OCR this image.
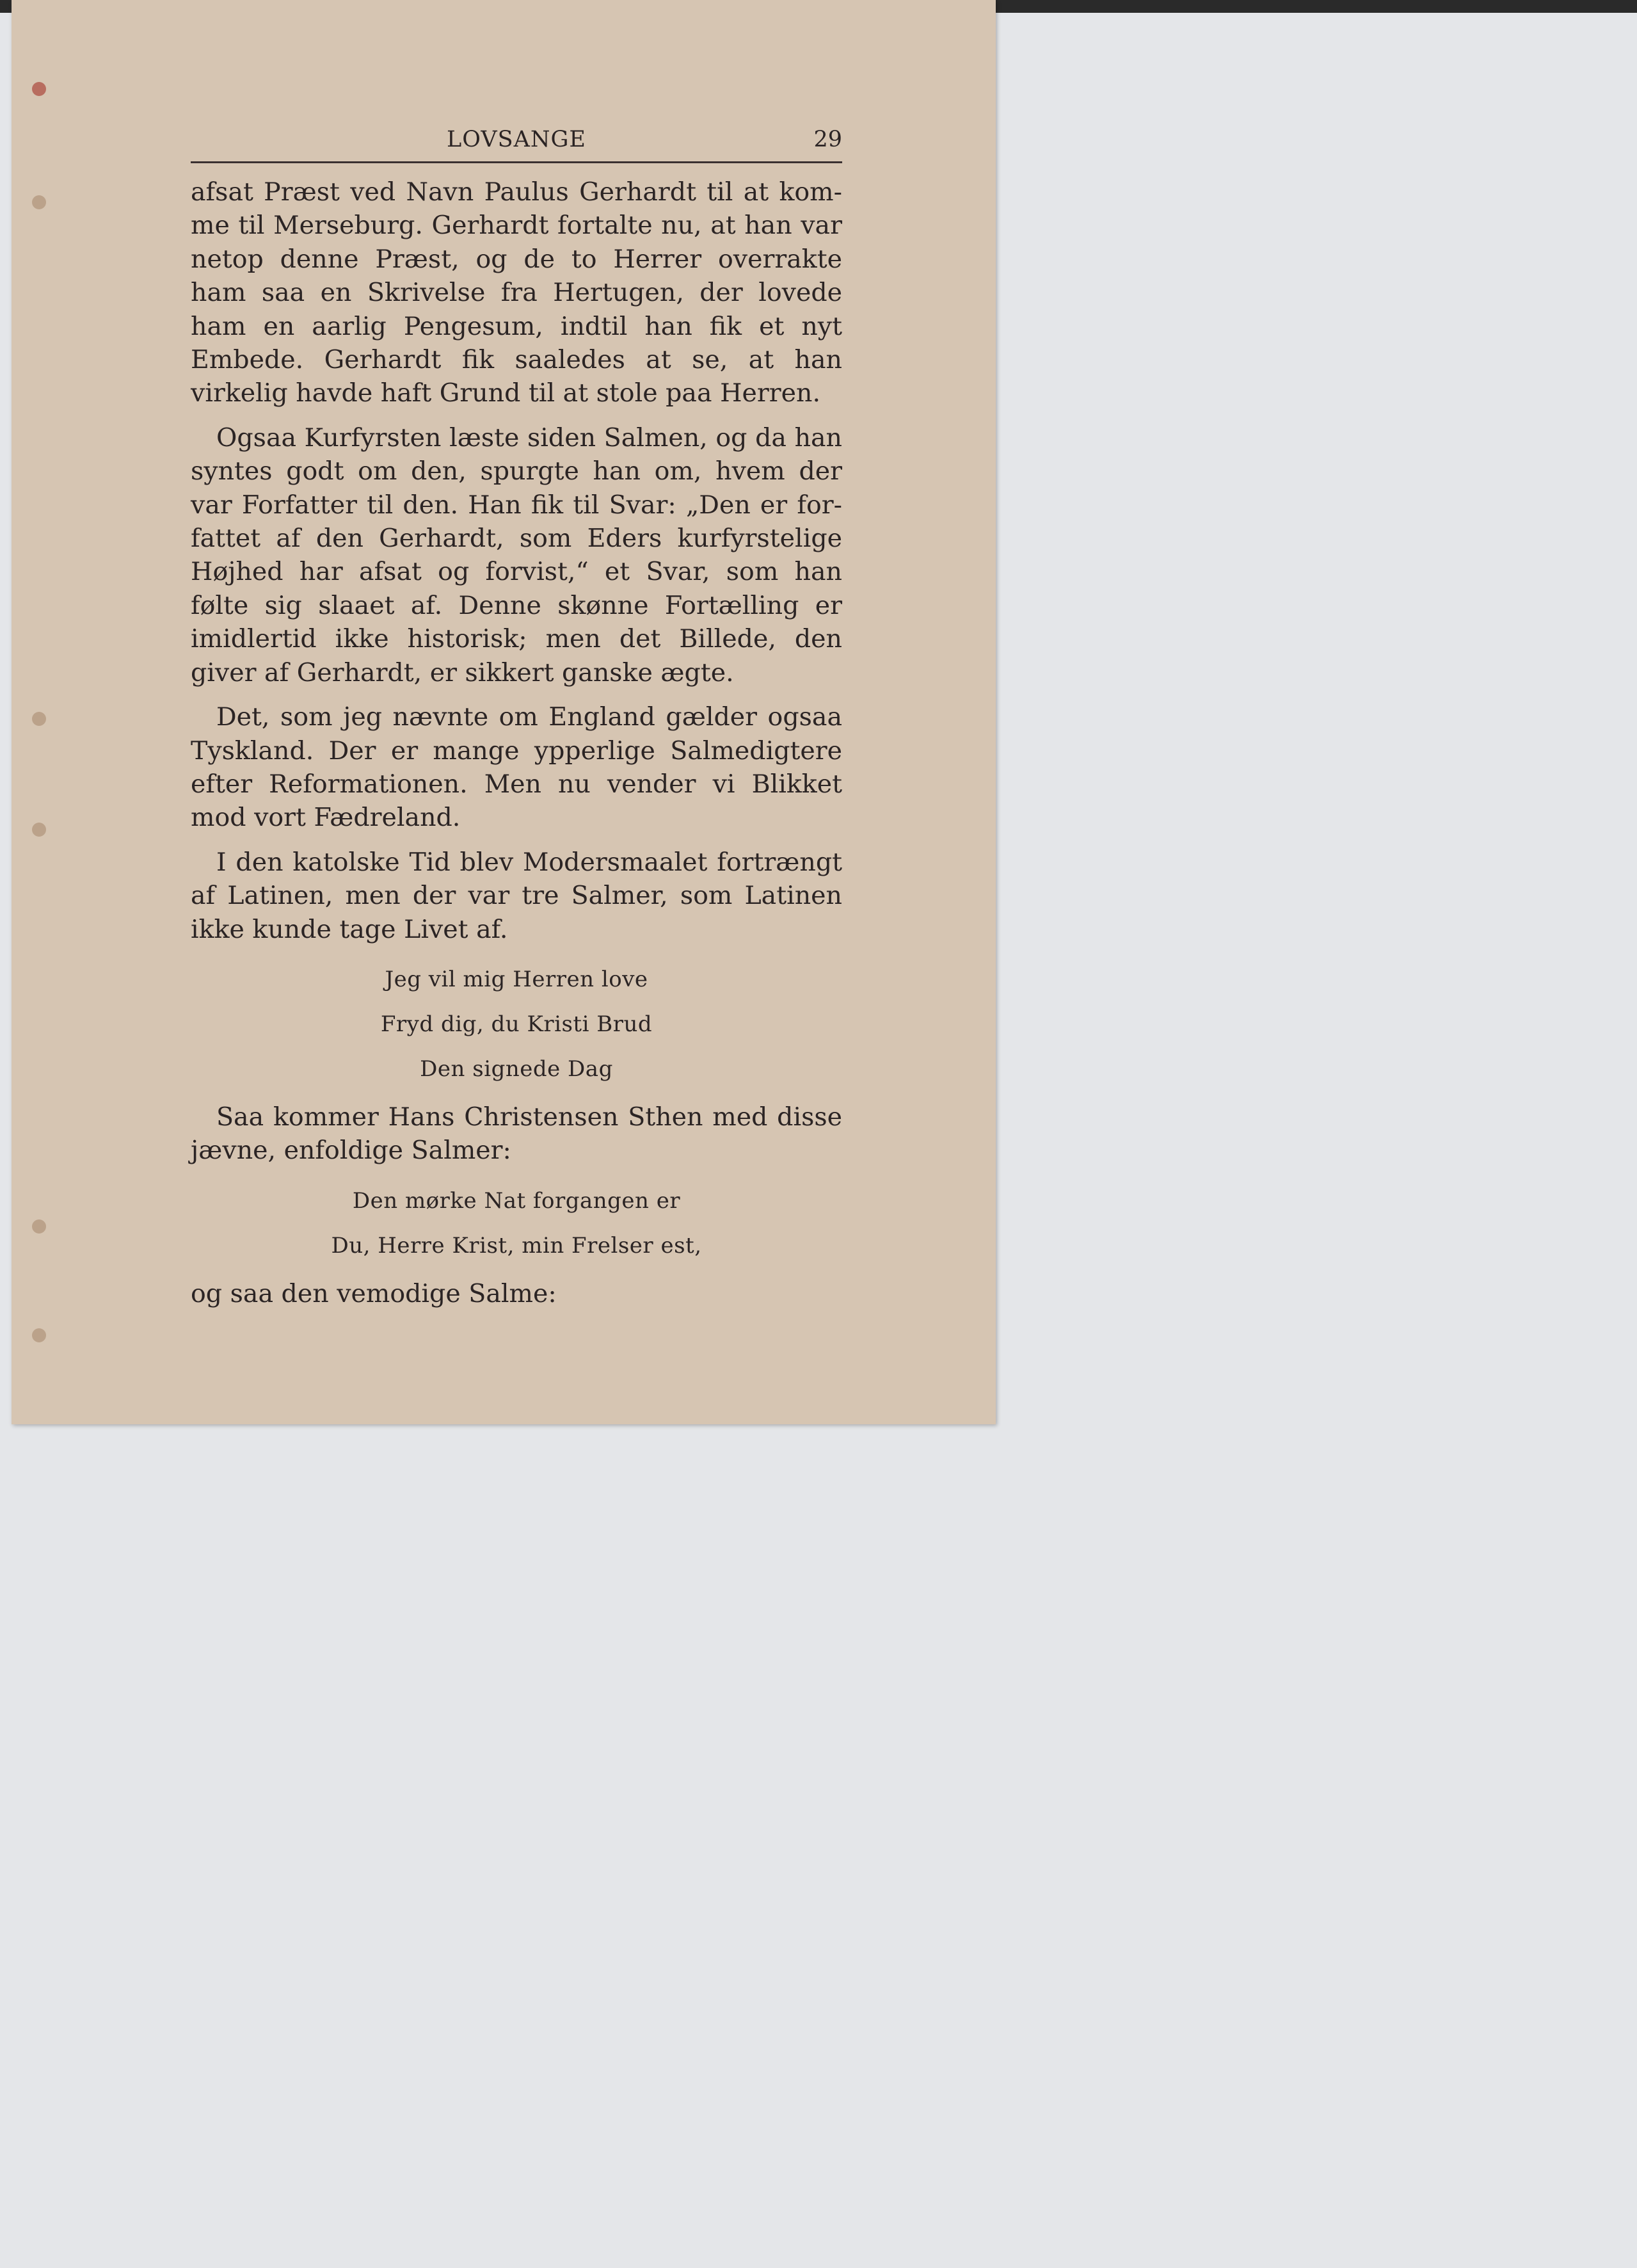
LOVSANGE	29

afsat Præst ved Navn Paulus Gerhardt til at komme til Merseburg. Gerhardt fortalte nu, at han var netop denne Præst, og de to Herrer overrakte ham saa en Skrivelse fra Hertugen, der lovede ham en aarlig Pengesum, indtil han fik et nyt Embede. Gerhardt fik saaledes at se, at han virkelig havde haft Grund til at stole paa Herren.

Ogsaa Kurfyrsten læste siden Salmen, og da han syntes godt om den, spurgte han om, hvem der var Forfatter til den. Han fik til Svar: „Den er forfattet af den Gerhardt, som Eders kurfyrstelige Højhed har afsat og forvist,“ et Svar, som han følte sig slaaet af. Denne skønne Fortælling er imidlertid ikke historisk; men det Billede, den giver af Gerhardt, er sikkert ganske ægte.

Det, som jeg nævnte om England gælder ogsaa Tyskland. Der er mange ypperlige Salmedigtere efter Reformationen. Men nu vender vi Blikket mod vort Fædreland.

I den katolske Tid blev Modersmaalet fortrængt af Latinen, men der var tre Salmer, som Latinen ikke kunde tage Livet af.

Jeg vil mig Herren love
Fryd dig, du Kristi Brud
Den signede Dag

Saa kommer Hans Christensen Sthen med disse jævne, enfoldige Salmer:

Den mørke Nat forgangen er
Du, Herre Krist, min Frelser est,

og saa den vemodige Salme:
